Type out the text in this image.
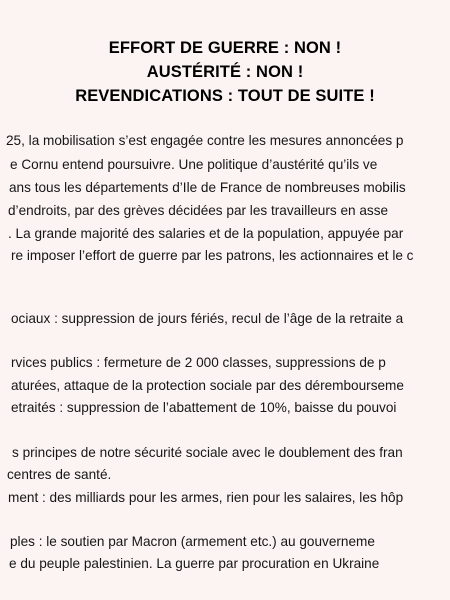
EFFORT DE GUERRE : NON !
AUSTÉRITÉ : NON !
REVENDICATIONS : TOUT DE SUITE !
25, la mobilisation s’est engagée contre les mesures annoncées p
e Cornu entend poursuivre. Une politique d’austérité qu’ils ve
ans tous les départements d’Ile de France de nombreuses mobilis
d’endroits, par des grèves décidées par les travailleurs en asse
. La grande majorité des salaries et de la population, appuyée par
re imposer l’effort de guerre par les patrons, les actionnaires et le c
ociaux : suppression de jours fériés, recul de l’âge de la retraite a
rvices publics : fermeture de 2 000 classes, suppressions de p
aturées, attaque de la protection sociale par des dérembourseme
etraités : suppression de l’abattement de 10%, baisse du pouvoi
s principes de notre sécurité sociale avec le doublement des fran
centres de santé.
ment : des milliards pour les armes, rien pour les salaires, les hôp
ples : le soutien par Macron (armement etc.) au gouverneme
e du peuple palestinien. La guerre par procuration en Ukraine
